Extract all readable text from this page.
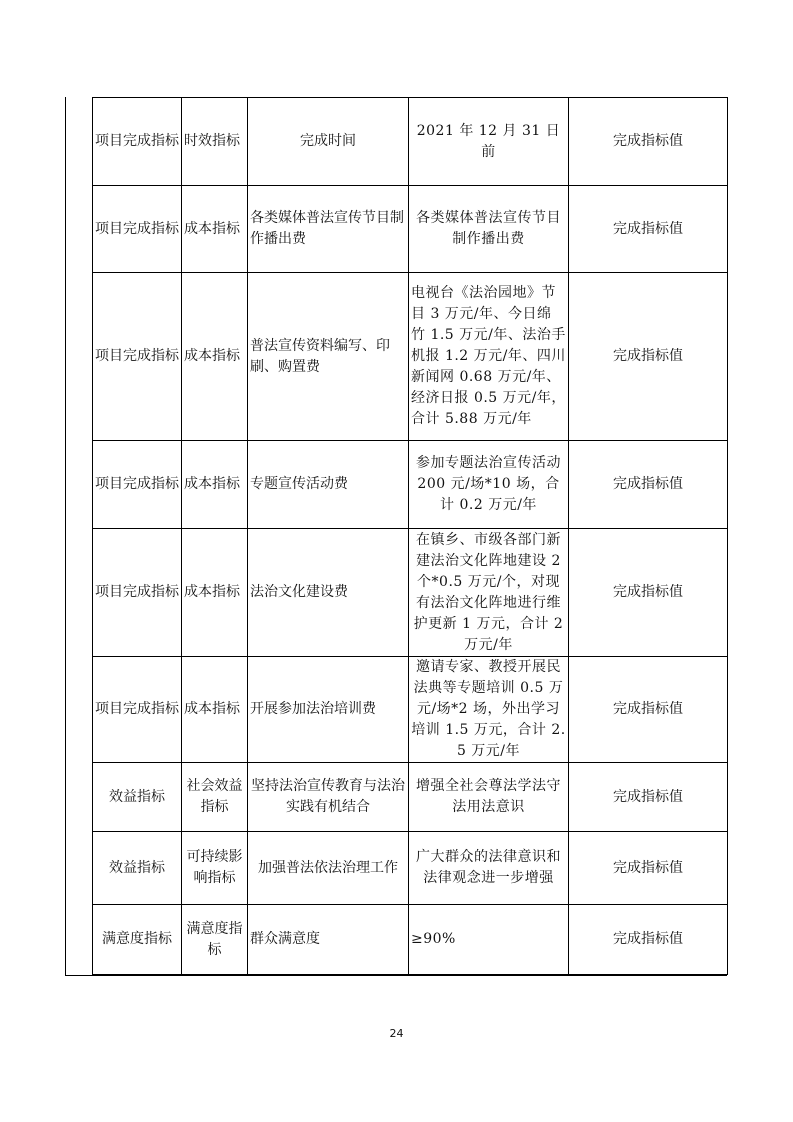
项目完成指标	时效指标	完成时间	2021 年 12 月 31 日前	完成指标值
项目完成指标	成本指标	各类媒体普法宣传节目制作播出费	各类媒体普法宣传节目制作播出费	完成指标值
项目完成指标	成本指标	普法宣传资料编写、印刷、购置费	电视台《法治园地》节目 3 万元/年、今日绵竹 1.5 万元/年、法治手机报 1.2 万元/年、四川新闻网 0.68 万元/年、经济日报 0.5 万元/年，合计 5.88 万元/年	完成指标值
项目完成指标	成本指标	专题宣传活动费	参加专题法治宣传活动 200 元/场*10 场，合计 0.2 万元/年	完成指标值
项目完成指标	成本指标	法治文化建设费	在镇乡、市级各部门新建法治文化阵地建设 2 个*0.5 万元/个，对现有法治文化阵地进行维护更新 1 万元，合计 2 万元/年	完成指标值
项目完成指标	成本指标	开展参加法治培训费	邀请专家、教授开展民法典等专题培训 0.5 万元/场*2 场，外出学习培训 1.5 万元，合计 2.5 万元/年	完成指标值
效益指标	社会效益指标	坚持法治宣传教育与法治实践有机结合	增强全社会尊法学法守法用法意识	完成指标值
效益指标	可持续影响指标	加强普法依法治理工作	广大群众的法律意识和法律观念进一步增强	完成指标值
满意度指标	满意度指标	群众满意度	≥90%	完成指标值
24
